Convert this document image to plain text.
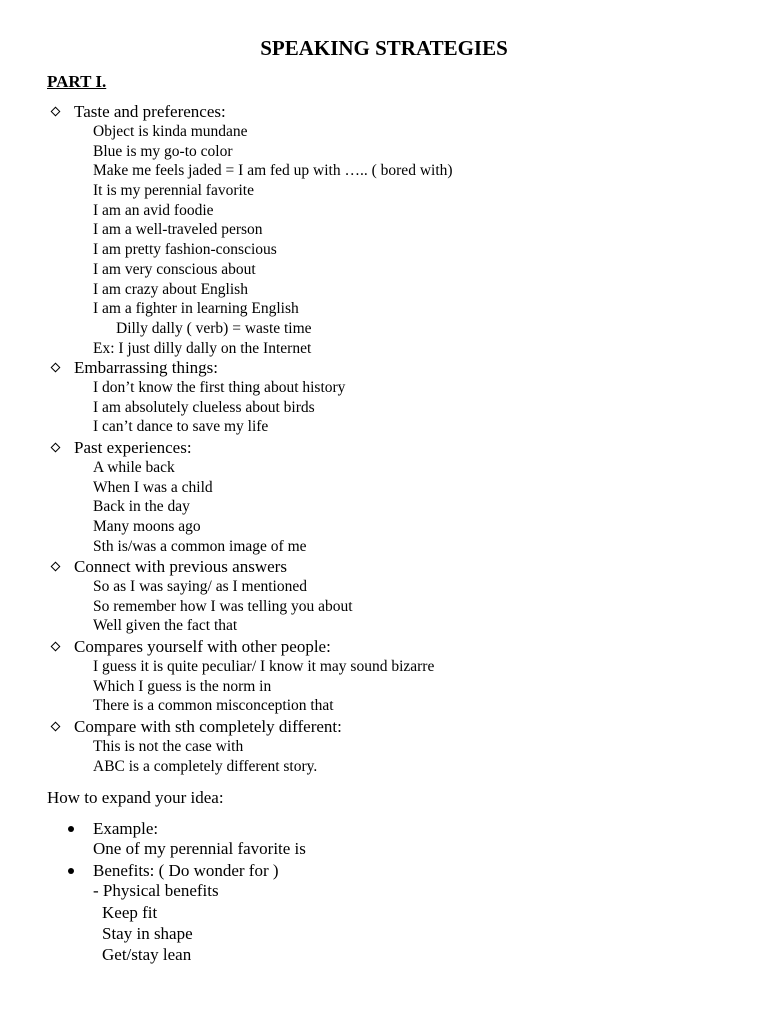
SPEAKING STRATEGIES
PART I.
Taste and preferences:
Object is kinda mundane
Blue is my go-to color
Make me feels jaded = I am fed up with ….. ( bored with)
It is my perennial favorite
I am an avid foodie
I am a well-traveled person
I am pretty fashion-conscious
I am very conscious about
I am crazy about English
I am a fighter in learning English
Dilly dally ( verb) = waste time
Ex: I just dilly dally on the Internet
Embarrassing things:
I don’t know the first thing about history
I am absolutely clueless about birds
I can’t dance to save my life
Past experiences:
A while back
When I was a child
Back in the day
Many moons ago
Sth is/was a common image of me
Connect with previous answers
So as I was saying/ as I mentioned
So remember how I was telling you about
Well given the fact that
Compares yourself with other people:
I guess it is quite peculiar/ I know it may sound bizarre
Which I guess is the norm in
There is a common misconception that
Compare with sth completely different:
This is not the case with
ABC is a completely different story.

How to expand your idea:

Example:
One of my perennial favorite is
Benefits: ( Do wonder for )
- Physical benefits
Keep fit
Stay in shape
Get/stay lean
